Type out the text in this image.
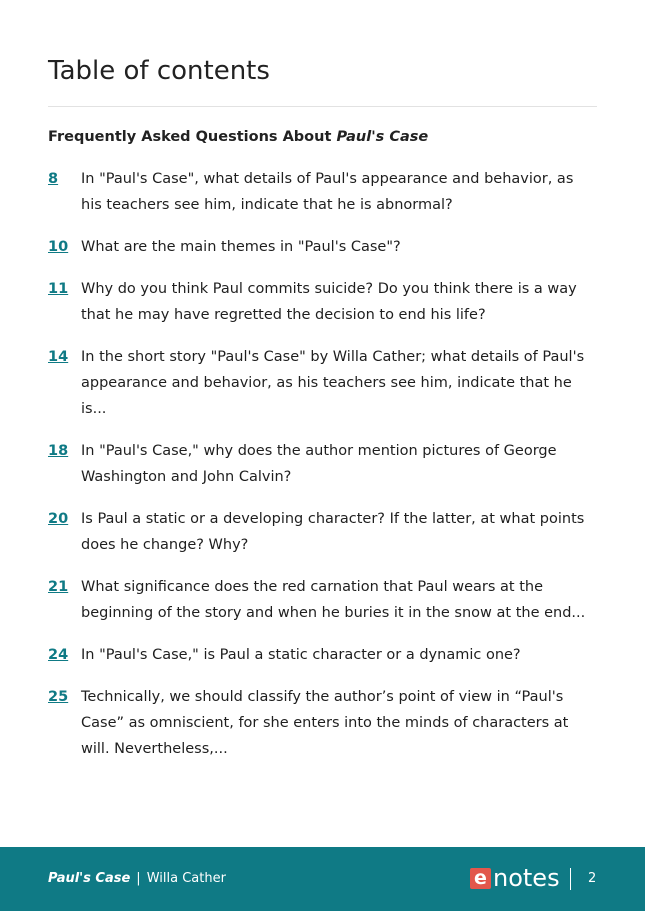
Table of contents
Frequently Asked Questions About Paul's Case
8	In "Paul's Case", what details of Paul's appearance and behavior, as his teachers see him, indicate that he is abnormal?
10 What are the main themes in "Paul's Case"?
11 Why do you think Paul commits suicide? Do you think there is a way that he may have regretted the decision to end his life?
14 In the short story "Paul's Case" by Willa Cather; what details of Paul's appearance and behavior, as his teachers see him, indicate that he is...
18 In "Paul's Case," why does the author mention pictures of George Washington and John Calvin?
20 Is Paul a static or a developing character? If the latter, at what points does he change? Why?
21 What significance does the red carnation that Paul wears at the beginning of the story and when he buries it in the snow at the end...
24 In "Paul's Case," is Paul a static character or a dynamic one?
25 Technically, we should classify the author’s point of view in “Paul's Case” as omniscient, for she enters into the minds of characters at will. Nevertheless,...
Paul's Case | Willa Cather	e notes 2
